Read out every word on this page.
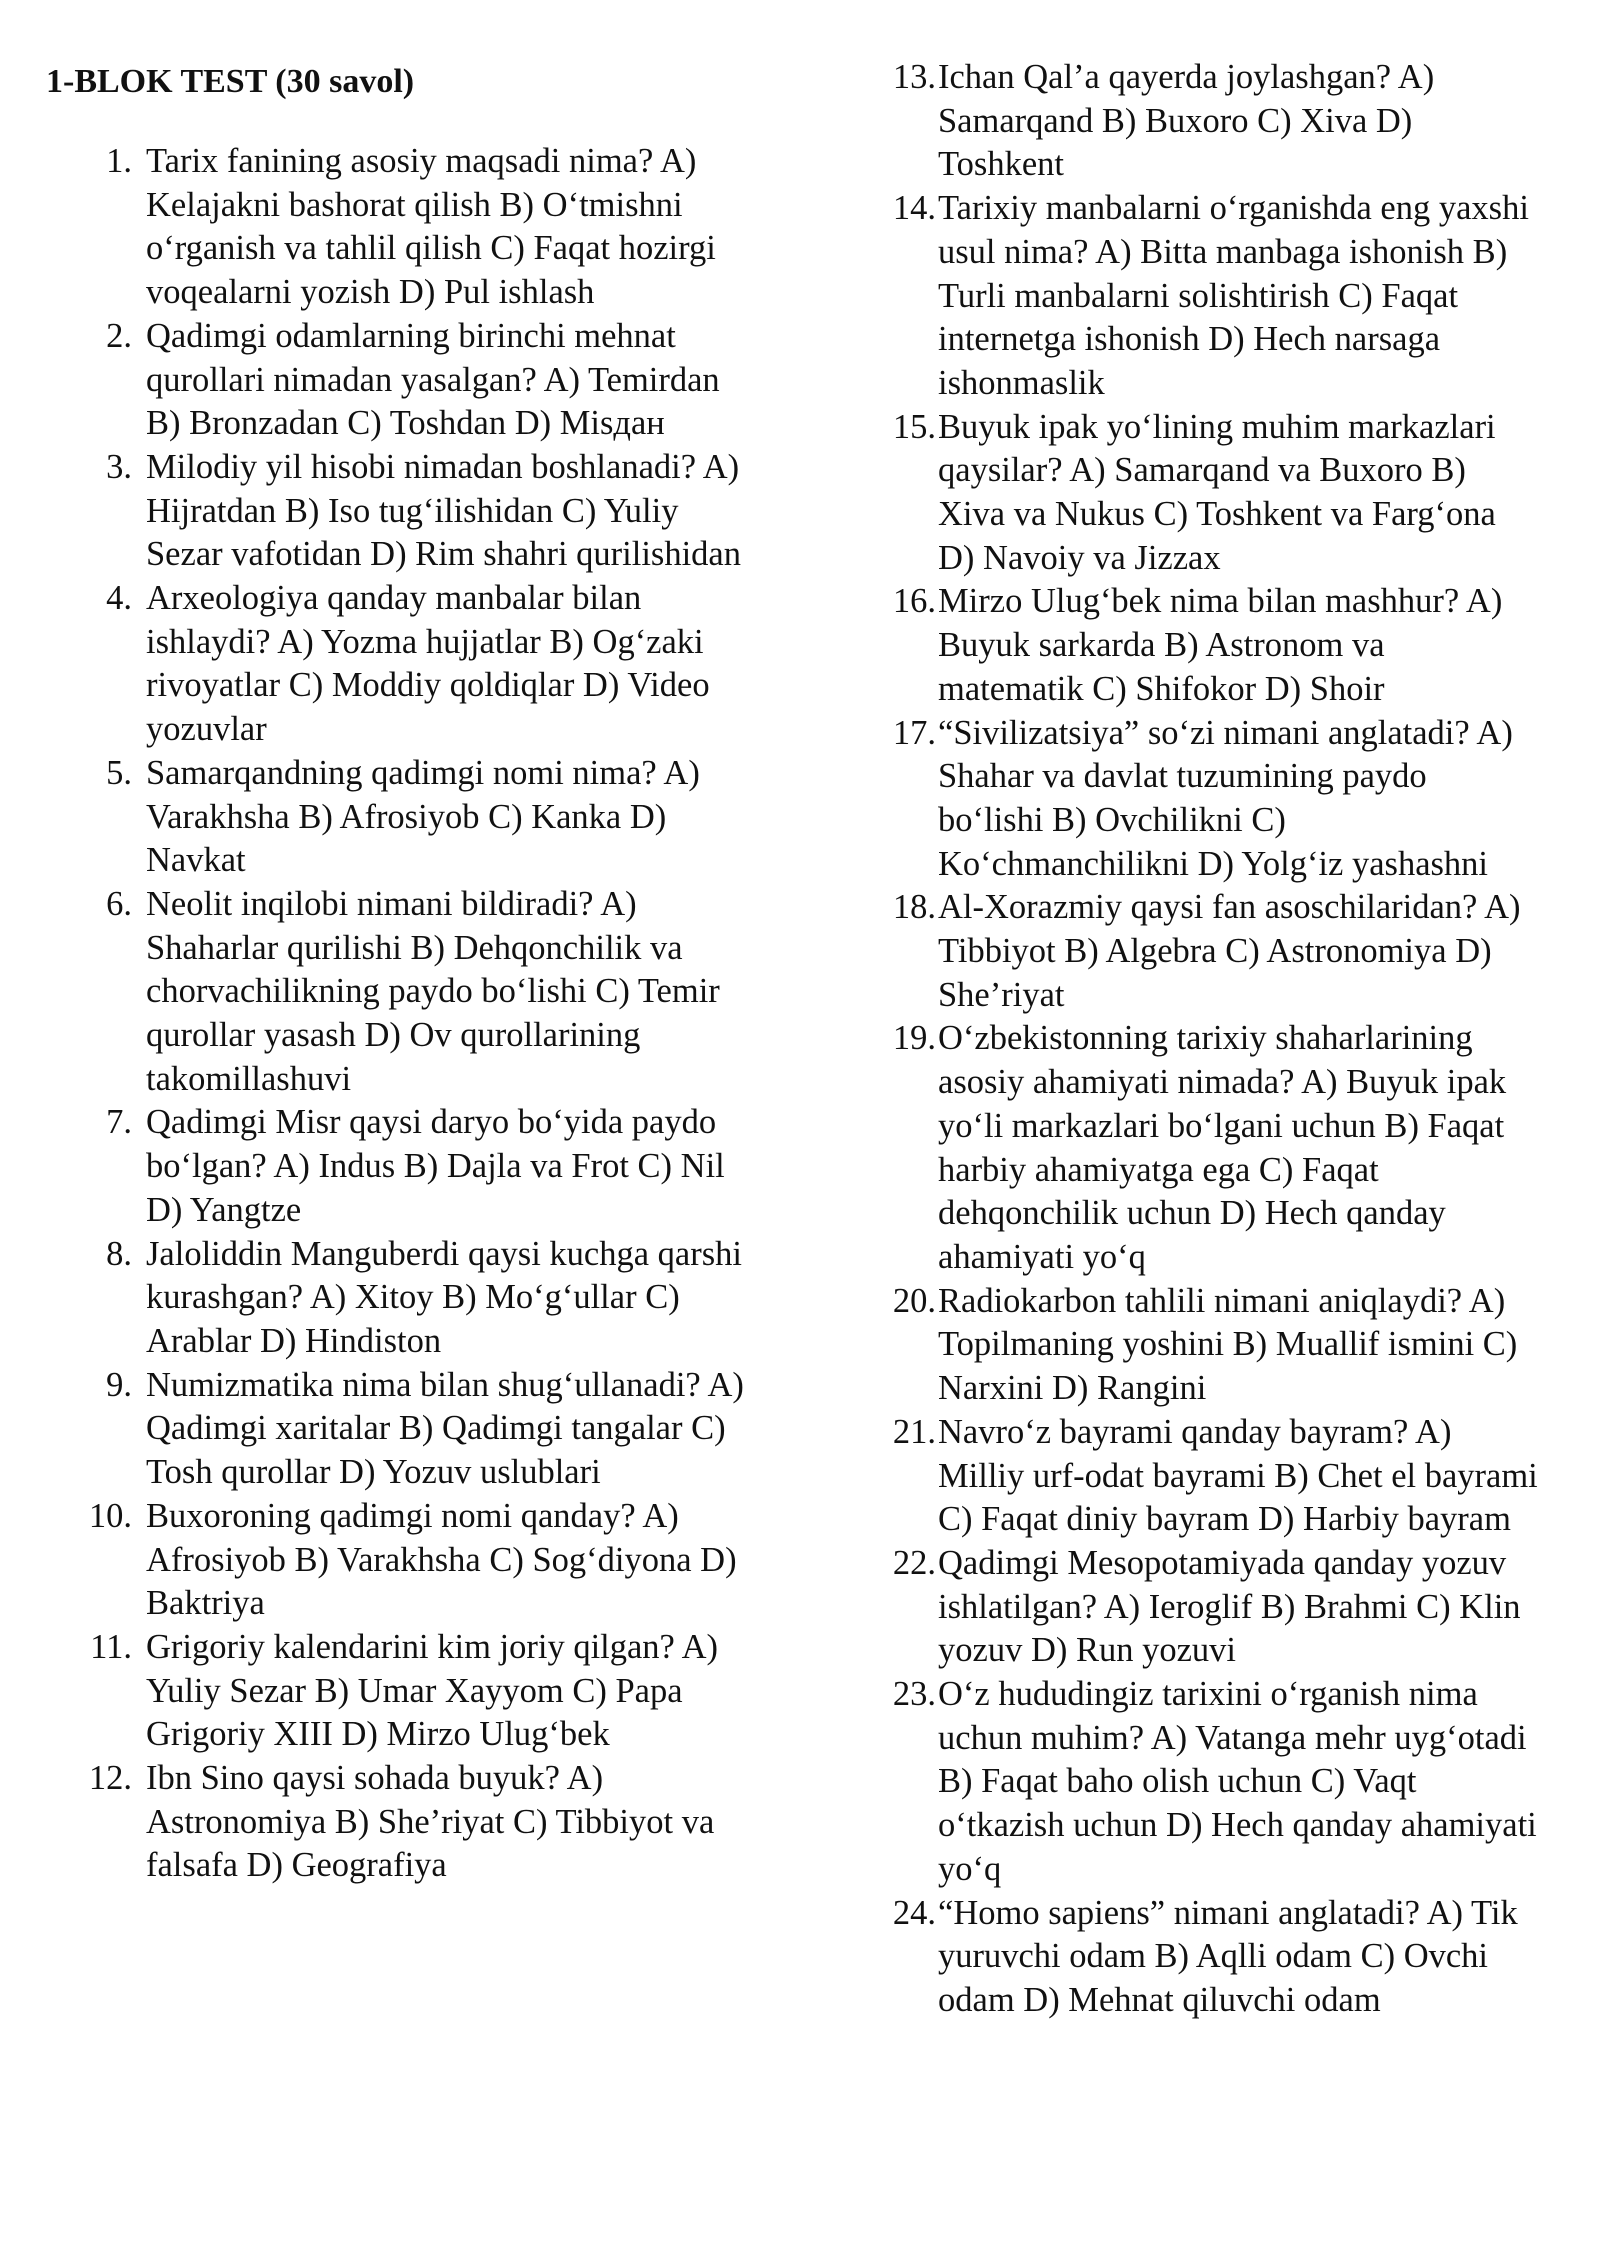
1-BLOK TEST (30 savol)
1. Tarix fanining asosiy maqsadi nima? A) Kelajakni bashorat qilish B) O‘tmishni o‘rganish va tahlil qilish C) Faqat hozirgi voqealarni yozish D) Pul ishlash
2. Qadimgi odamlarning birinchi mehnat qurollari nimadan yasalgan? A) Temirdan B) Bronzadan C) Toshdan D) Misдан
3. Milodiy yil hisobi nimadan boshlanadi? A) Hijratdan B) Iso tug‘ilishidan C) Yuliy Sezar vafotidan D) Rim shahri qurilishidan
4. Arxeologiya qanday manbalar bilan ishlaydi? A) Yozma hujjatlar B) Og‘zaki rivoyatlar C) Moddiy qoldiqlar D) Video yozuvlar
5. Samarqandning qadimgi nomi nima? A) Varakhsha B) Afrosiyob C) Kanka D) Navkat
6. Neolit inqilobi nimani bildiradi? A) Shaharlar qurilishi B) Dehqonchilik va chorvachilikning paydo bo‘lishi C) Temir qurollar yasash D) Ov qurollarining takomillashuvi
7. Qadimgi Misr qaysi daryo bo‘yida paydo bo‘lgan? A) Indus B) Dajla va Frot C) Nil D) Yangtze
8. Jaloliddin Manguberdi qaysi kuchga qarshi kurashgan? A) Xitoy B) Mo‘g‘ullar C) Arablar D) Hindiston
9. Numizmatika nima bilan shug‘ullanadi? A) Qadimgi xaritalar B) Qadimgi tangalar C) Tosh qurollar D) Yozuv uslublari
10. Buxoroning qadimgi nomi qanday? A) Afrosiyob B) Varakhsha C) Sog‘diyona D) Baktriya
11. Grigoriy kalendarini kim joriy qilgan? A) Yuliy Sezar B) Umar Xayyom C) Papa Grigoriy XIII D) Mirzo Ulug‘bek
12. Ibn Sino qaysi sohada buyuk? A) Astronomiya B) She’riyat C) Tibbiyot va falsafa D) Geografiya
13. Ichan Qal’a qayerda joylashgan? A) Samarqand B) Buxoro C) Xiva D) Toshkent
14. Tarixiy manbalarni o‘rganishda eng yaxshi usul nima? A) Bitta manbaga ishonish B) Turli manbalarni solishtirish C) Faqat internetga ishonish D) Hech narsaga ishonmaslik
15. Buyuk ipak yo‘lining muhim markazlari qaysilar? A) Samarqand va Buxoro B) Xiva va Nukus C) Toshkent va Farg‘ona D) Navoiy va Jizzax
16. Mirzo Ulug‘bek nima bilan mashhur? A) Buyuk sarkarda B) Astronom va matematik C) Shifokor D) Shoir
17. “Sivilizatsiya” so‘zi nimani anglatadi? A) Shahar va davlat tuzumining paydo bo‘lishi B) Ovchilikni C) Ko‘chmanchilikni D) Yolg‘iz yashashni
18. Al-Xorazmiy qaysi fan asoschilaridan? A) Tibbiyot B) Algebra C) Astronomiya D) She’riyat
19. O‘zbekistonning tarixiy shaharlarining asosiy ahamiyati nimada? A) Buyuk ipak yo‘li markazlari bo‘lgani uchun B) Faqat harbiy ahamiyatga ega C) Faqat dehqonchilik uchun D) Hech qanday ahamiyati yo‘q
20. Radiokarbon tahlili nimani aniqlaydi? A) Topilmaning yoshini B) Muallif ismini C) Narxini D) Rangini
21. Navro‘z bayrami qanday bayram? A) Milliy urf-odat bayrami B) Chet el bayrami C) Faqat diniy bayram D) Harbiy bayram
22. Qadimgi Mesopotamiyada qanday yozuv ishlatilgan? A) Ieroglif B) Brahmi C) Klin yozuv D) Run yozuvi
23. O‘z hududingiz tarixini o‘rganish nima uchun muhim? A) Vatanga mehr uyg‘otadi B) Faqat baho olish uchun C) Vaqt o‘tkazish uchun D) Hech qanday ahamiyati yo‘q
24. “Homo sapiens” nimani anglatadi? A) Tik yuruvchi odam B) Aqlli odam C) Ovchi odam D) Mehnat qiluvchi odam
